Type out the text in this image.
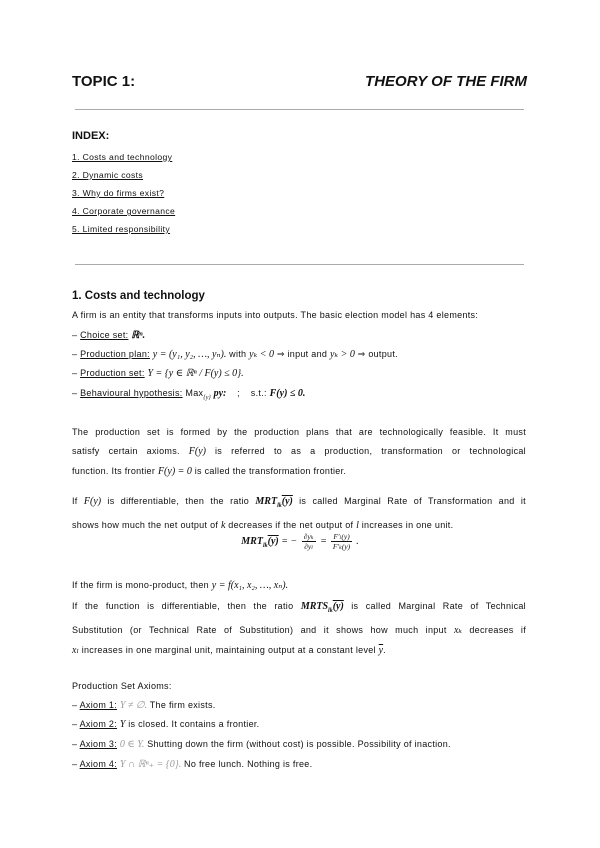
TOPIC 1:	THEORY OF THE FIRM
INDEX:
1. Costs and technology
2. Dynamic costs
3. Why do firms exist?
4. Corporate governance
5. Limited responsibility
1. Costs and technology
A firm is an entity that transforms inputs into outputs. The basic election model has 4 elements:
– Choice set: ℝⁿ.
– Production plan: y = (y₁, y₂, …, yₙ). with yₖ < 0 ⇒ input and yₖ > 0 ⇒ output.
– Production set: Y = {y ∈ ℝⁿ / F(y) ≤ 0}.
– Behavioural hypothesis: Max$_{\{y\}}$ py: ; s.t.: F(y) ≤ 0.
The production set is formed by the production plans that are technologically feasible. It must
satisfy certain axioms. F(y) is referred to as a production, transformation or technological
function. Its frontier F(y) = 0 is called the transformation frontier.
If F(y) is differentiable, then the ratio $MRT_{lk}(y)$ is called Marginal Rate of Transformation and it
shows how much the net output of k decreases if the net output of l increases in one unit.
$MRT_{lk}(y)$ = − $\frac{\text{∂yₖ}}{\text{∂yₗ}} = \frac{\text{F′ₗ(y)}}{\text{F′ₖ(y)}}$ .
If the firm is mono-product, then y = f(x₁, x₂, …, xₙ).
If the function is differentiable, then the ratio $MRTS_{lk}(y)$ is called Marginal Rate of Technical
Substitution (or Technical Rate of Substitution) and it shows how much input xₖ decreases if
xₗ increases in one marginal unit, maintaining output at a constant level $\overline{y}$.
Production Set Axioms:
– Axiom 1: Y ≠ ∅. The firm exists.
– Axiom 2: Y is closed. It contains a frontier.
– Axiom 3: 0 ∈ Y. Shutting down the firm (without cost) is possible. Possibility of inaction.
– Axiom 4: Y ∩ ℝⁿ₊ = {0}. No free lunch. Nothing is free.
